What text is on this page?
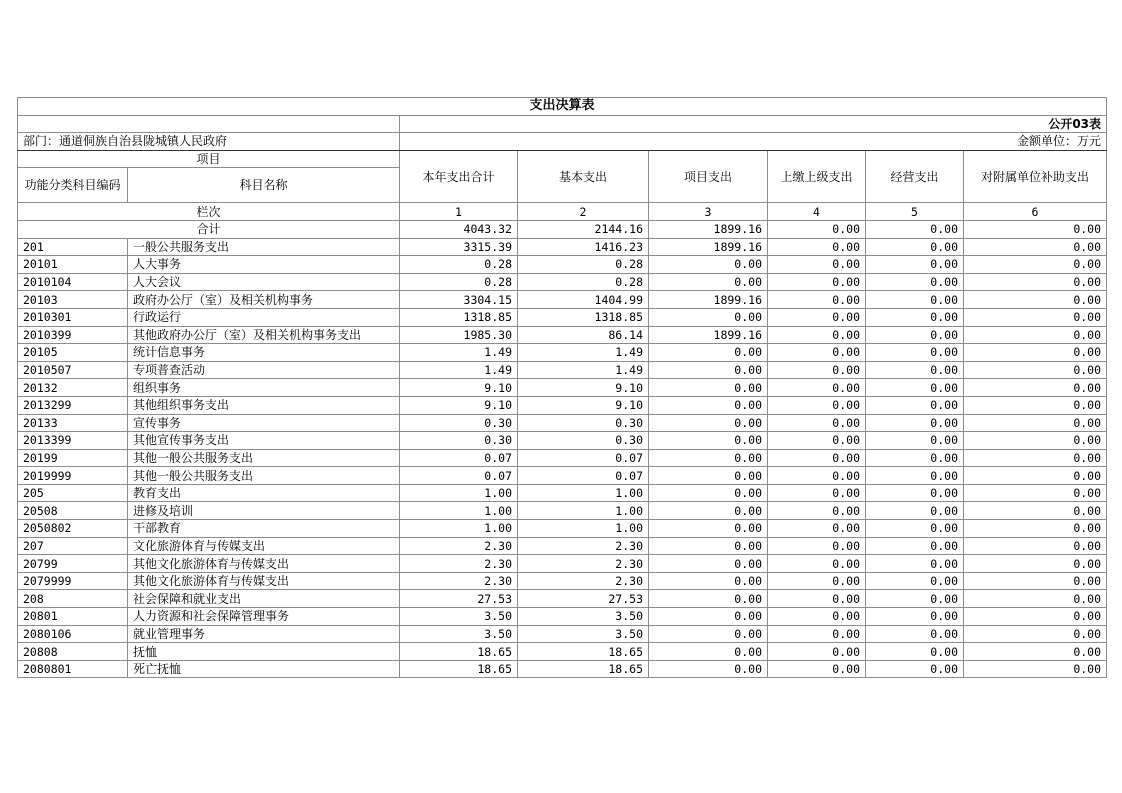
支出决算表							
		公开03表					
部门：通道侗族自治县陇城镇人民政府		金额单位：万元					
项目		本年支出合计	基本支出	项目支出	上缴上级支出	经营支出	对附属单位补助支出
功能分类科目编码	科目名称						
栏次		1	2	3	4	5	6
合计		4043.32	2144.16	1899.16	0.00	0.00	0.00
201	一般公共服务支出	3315.39	1416.23	1899.16	0.00	0.00	0.00
20101	人大事务	0.28	0.28	0.00	0.00	0.00	0.00
2010104	人大会议	0.28	0.28	0.00	0.00	0.00	0.00
20103	政府办公厅（室）及相关机构事务	3304.15	1404.99	1899.16	0.00	0.00	0.00
2010301	行政运行	1318.85	1318.85	0.00	0.00	0.00	0.00
2010399	其他政府办公厅（室）及相关机构事务支出	1985.30	86.14	1899.16	0.00	0.00	0.00
20105	统计信息事务	1.49	1.49	0.00	0.00	0.00	0.00
2010507	专项普查活动	1.49	1.49	0.00	0.00	0.00	0.00
20132	组织事务	9.10	9.10	0.00	0.00	0.00	0.00
2013299	其他组织事务支出	9.10	9.10	0.00	0.00	0.00	0.00
20133	宣传事务	0.30	0.30	0.00	0.00	0.00	0.00
2013399	其他宣传事务支出	0.30	0.30	0.00	0.00	0.00	0.00
20199	其他一般公共服务支出	0.07	0.07	0.00	0.00	0.00	0.00
2019999	其他一般公共服务支出	0.07	0.07	0.00	0.00	0.00	0.00
205	教育支出	1.00	1.00	0.00	0.00	0.00	0.00
20508	进修及培训	1.00	1.00	0.00	0.00	0.00	0.00
2050802	干部教育	1.00	1.00	0.00	0.00	0.00	0.00
207	文化旅游体育与传媒支出	2.30	2.30	0.00	0.00	0.00	0.00
20799	其他文化旅游体育与传媒支出	2.30	2.30	0.00	0.00	0.00	0.00
2079999	其他文化旅游体育与传媒支出	2.30	2.30	0.00	0.00	0.00	0.00
208	社会保障和就业支出	27.53	27.53	0.00	0.00	0.00	0.00
20801	人力资源和社会保障管理事务	3.50	3.50	0.00	0.00	0.00	0.00
2080106	就业管理事务	3.50	3.50	0.00	0.00	0.00	0.00
20808	抚恤	18.65	18.65	0.00	0.00	0.00	0.00
2080801	死亡抚恤	18.65	18.65	0.00	0.00	0.00	0.00
